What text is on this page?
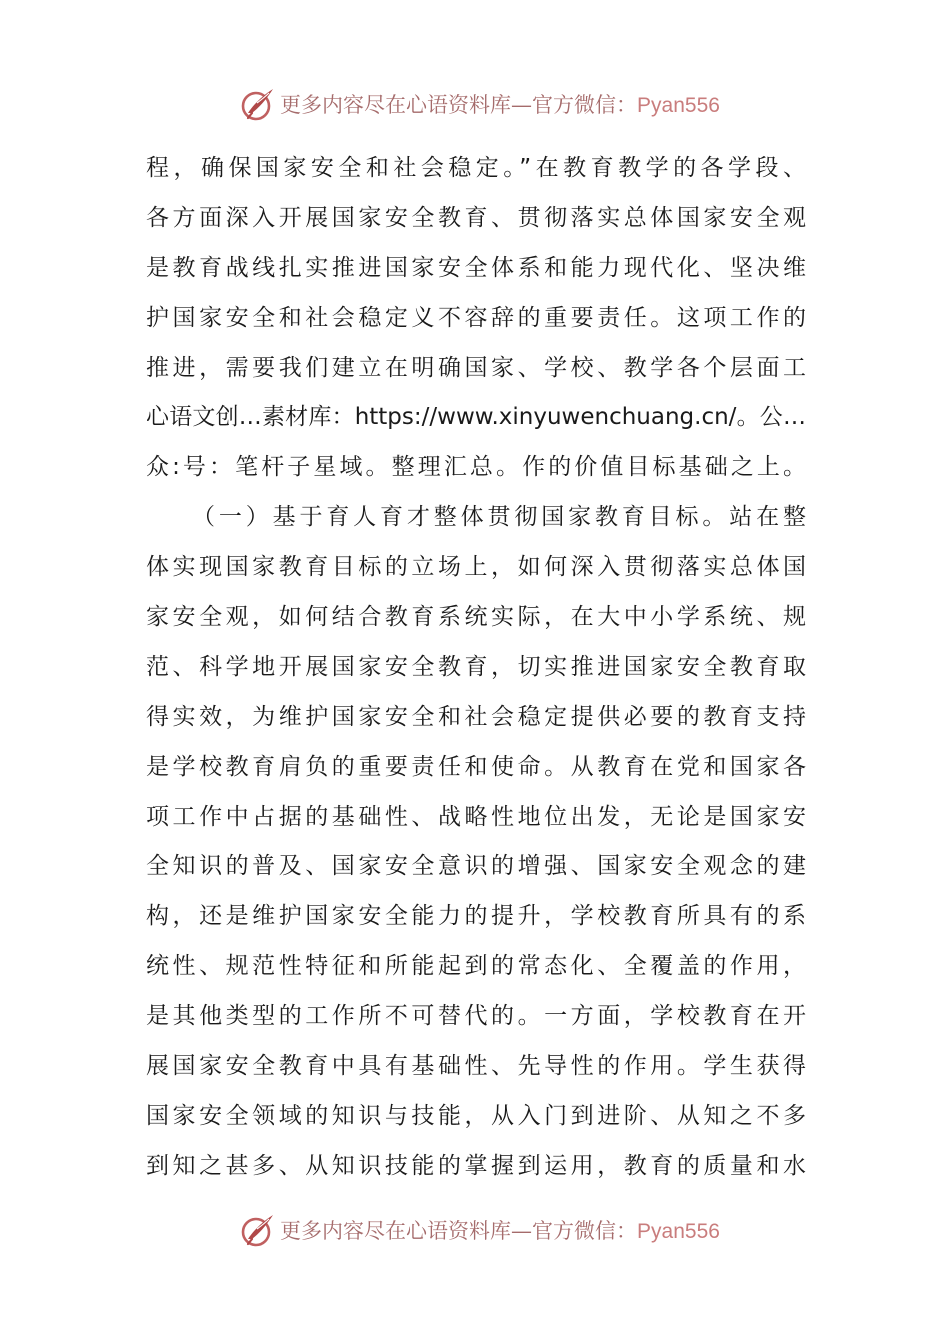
更多内容尽在心语资料库—官方微信：Pyan556
程，确保国家安全和社会稳定。”在教育教学的各学段、
各方面深入开展国家安全教育、贯彻落实总体国家安全观
是教育战线扎实推进国家安全体系和能力现代化、坚决维
护国家安全和社会稳定义不容辞的重要责任。这项工作的
推进，需要我们建立在明确国家、学校、教学各个层面工
心语文创…素材库：https://www.xinyuwenchuang.cn/。公…
众:号：笔杆子星域。整理汇总。作的价值目标基础之上。
（一）基于育人育才整体贯彻国家教育目标。站在整
体实现国家教育目标的立场上，如何深入贯彻落实总体国
家安全观，如何结合教育系统实际，在大中小学系统、规
范、科学地开展国家安全教育，切实推进国家安全教育取
得实效，为维护国家安全和社会稳定提供必要的教育支持
是学校教育肩负的重要责任和使命。从教育在党和国家各
项工作中占据的基础性、战略性地位出发，无论是国家安
全知识的普及、国家安全意识的增强、国家安全观念的建
构，还是维护国家安全能力的提升，学校教育所具有的系
统性、规范性特征和所能起到的常态化、全覆盖的作用，
是其他类型的工作所不可替代的。一方面，学校教育在开
展国家安全教育中具有基础性、先导性的作用。学生获得
国家安全领域的知识与技能，从入门到进阶、从知之不多
到知之甚多、从知识技能的掌握到运用，教育的质量和水
更多内容尽在心语资料库—官方微信：Pyan556
